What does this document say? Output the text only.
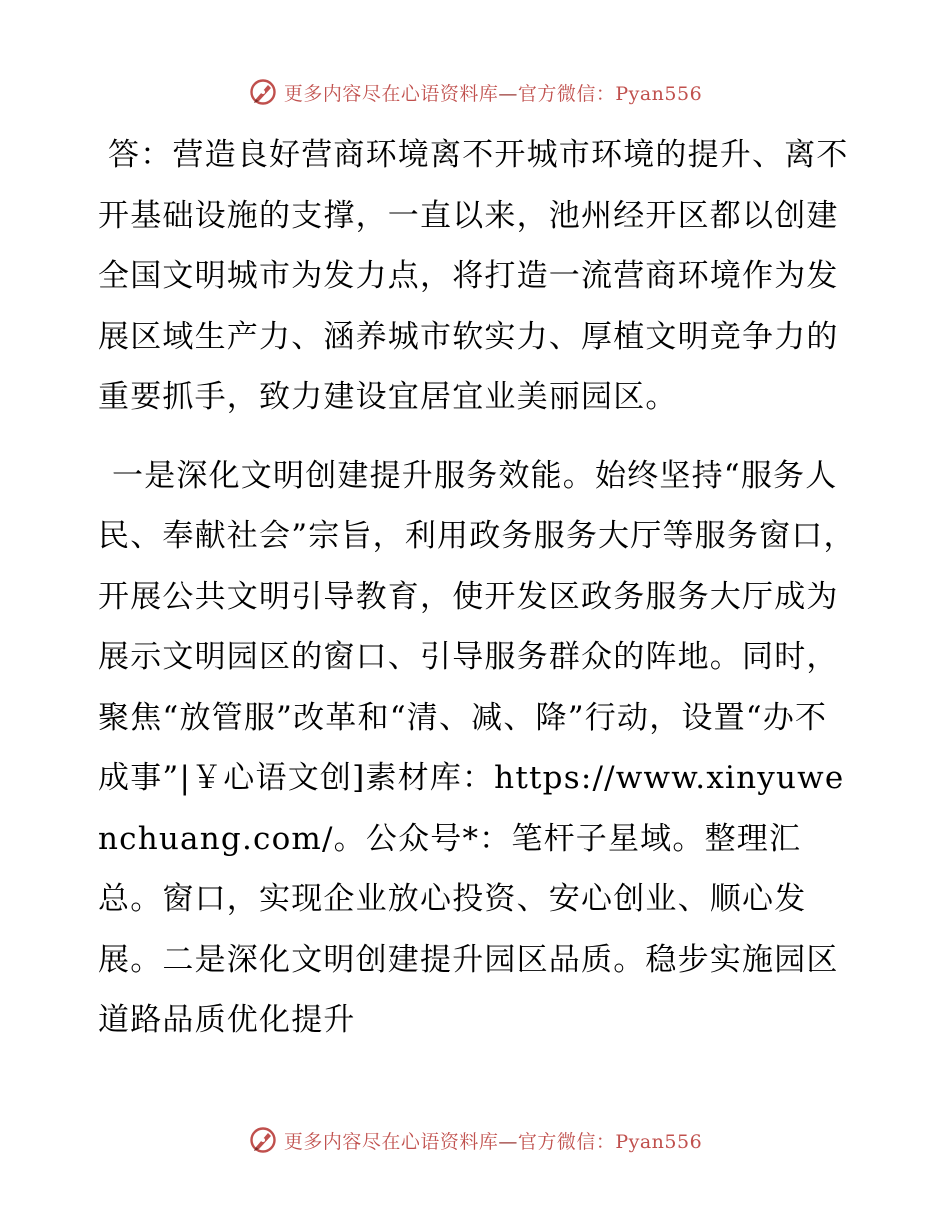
更多内容尽在心语资料库—官方微信：Pyan556

答：营造良好营商环境离不开城市环境的提升、离不开基础设施的支撑，一直以来，池州经开区都以创建全国文明城市为发力点，将打造一流营商环境作为发展区域生产力、涵养城市软实力、厚植文明竞争力的重要抓手，致力建设宜居宜业美丽园区。

一是深化文明创建提升服务效能。始终坚持“服务人民、奉献社会”宗旨，利用政务服务大厅等服务窗口，开展公共文明引导教育，使开发区政务服务大厅成为展示文明园区的窗口、引导服务群众的阵地。同时，聚焦“放管服”改革和“清、减、降”行动，设置“办不成事”|￥心语文创]素材库：https://www.xinyuwenchuang.com/。公众号*：笔杆子星域。整理汇总。窗口，实现企业放心投资、安心创业、顺心发展。二是深化文明创建提升园区品质。稳步实施园区道路品质优化提升

更多内容尽在心语资料库—官方微信：Pyan556
